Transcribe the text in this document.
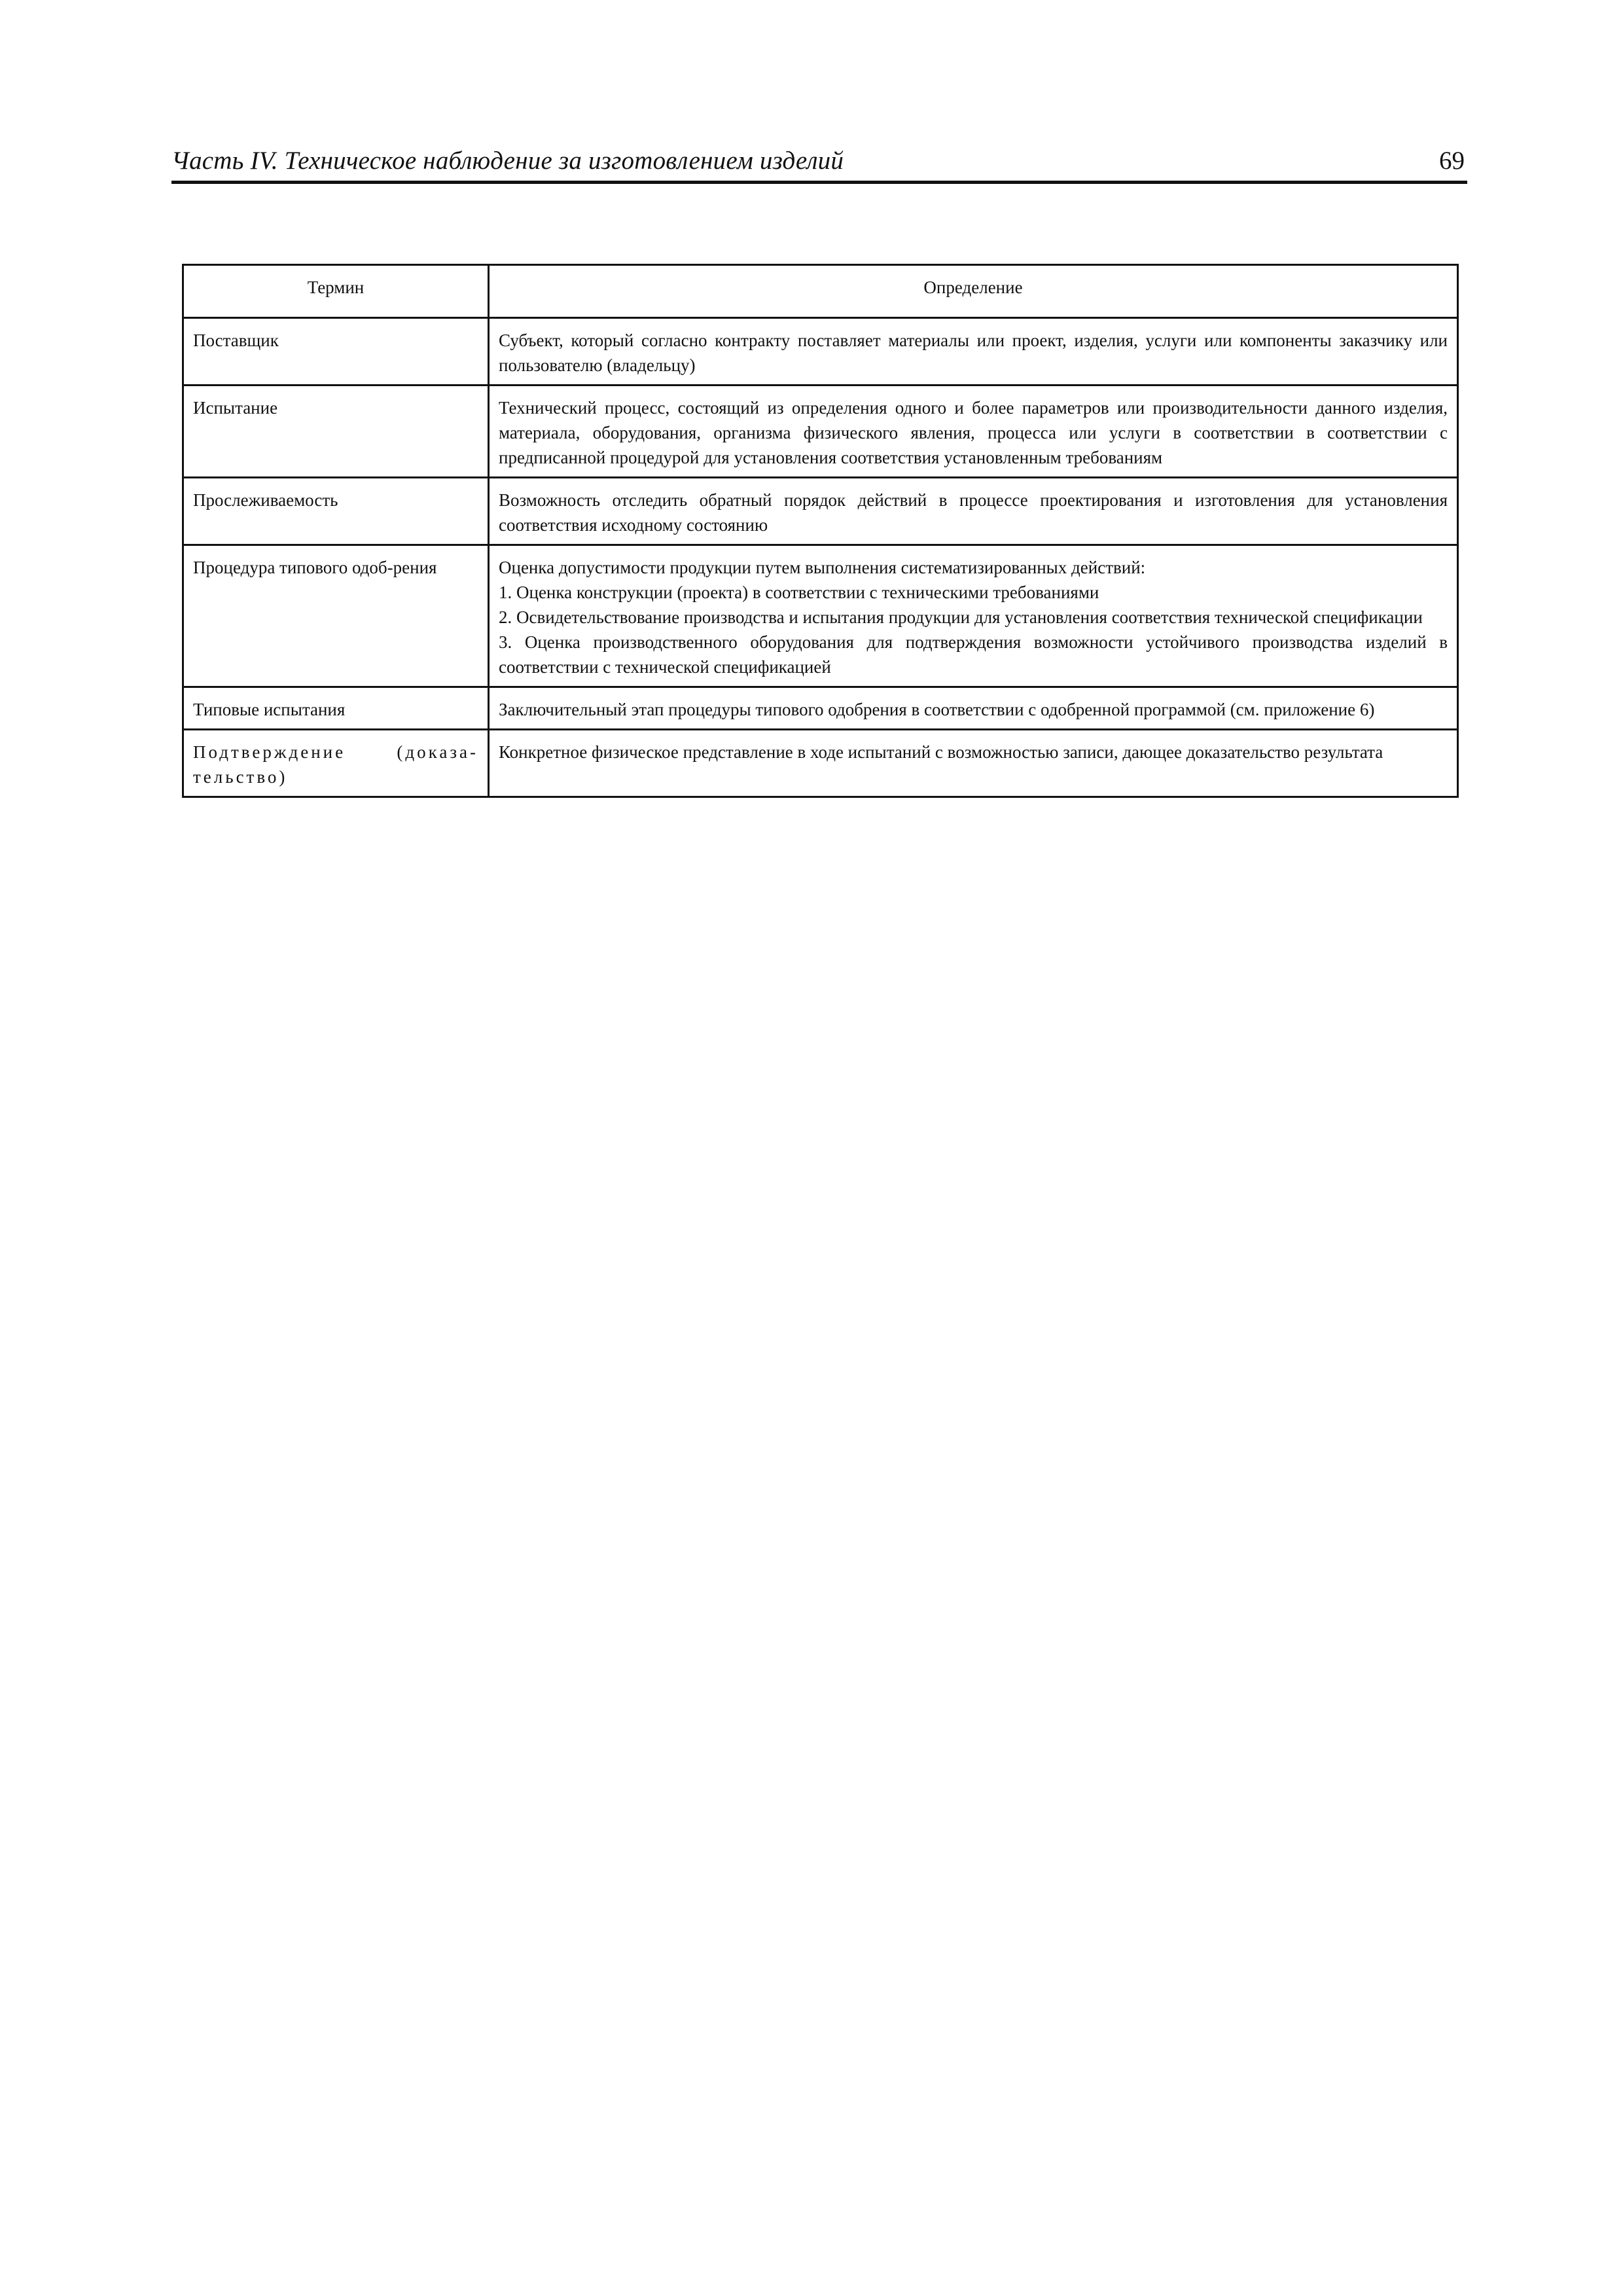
Часть IV. Техническое наблюдение за изготовлением изделий	69
Термин	Определение
Поставщик	Субъект, который согласно контракту поставляет материалы или проект, изделия, услуги или компоненты заказчику или пользователю (владельцу)
Испытание	Технический процесс, состоящий из определения одного и более параметров или производительности данного изделия, материала, оборудования, организма физического явления, процесса или услуги в соответствии в соответствии с предписанной процедурой для установления соответствия установленным требованиям
Прослеживаемость	Возможность отследить обратный порядок действий в процессе проектирования и изготовления для установления соответствия исходному состоянию
Процедура типового одоб-рения	Оценка допустимости продукции путем выполнения систематизированных действий:
1. Оценка конструкции (проекта) в соответствии с техническими требованиями
2. Освидетельствование производства и испытания продукции для установления соответствия технической спецификации
3. Оценка производственного оборудования для подтверждения возможности устойчивого производства изделий в соответствии с технической спецификацией

Типовые испытания	Заключительный этап процедуры типового одобрения в соответствии с одобренной программой (см. приложение 6)
Подтверждение (доказа-тельство)	Конкретное физическое представление в ходе испытаний с возможностью записи, дающее доказательство результата
